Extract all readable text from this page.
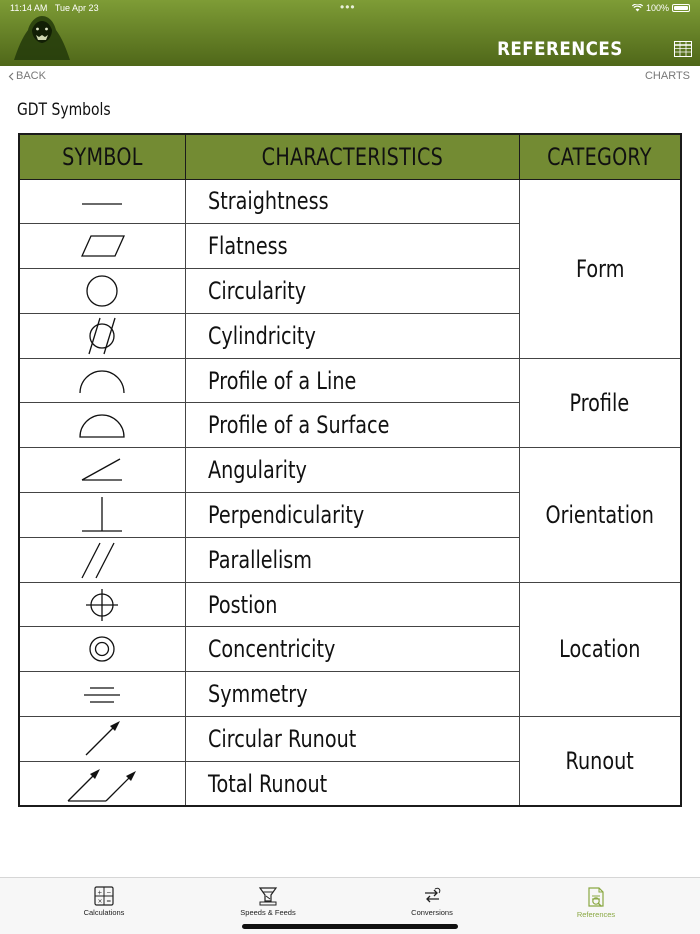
11:14 AM Tue Apr 23	•••	100%
REFERENCES
BACK	CHARTS
GDT Symbols
SYMBOL	CHARACTERISTICS	CATEGORY

	Straightness	Form

	Flatness	

	Circularity	

	Cylindricity	

	Profile of a Line	Profile

	Profile of a Surface	

	Angularity	Orientation

	Perpendicularity	

	Parallelism	

	Postion	Location

	Concentricity	

	Symmetry	

	Circular Runout	Runout

	Total Runout	
+ −
× =
Calculations	Speeds & Feeds	Conversions	References
